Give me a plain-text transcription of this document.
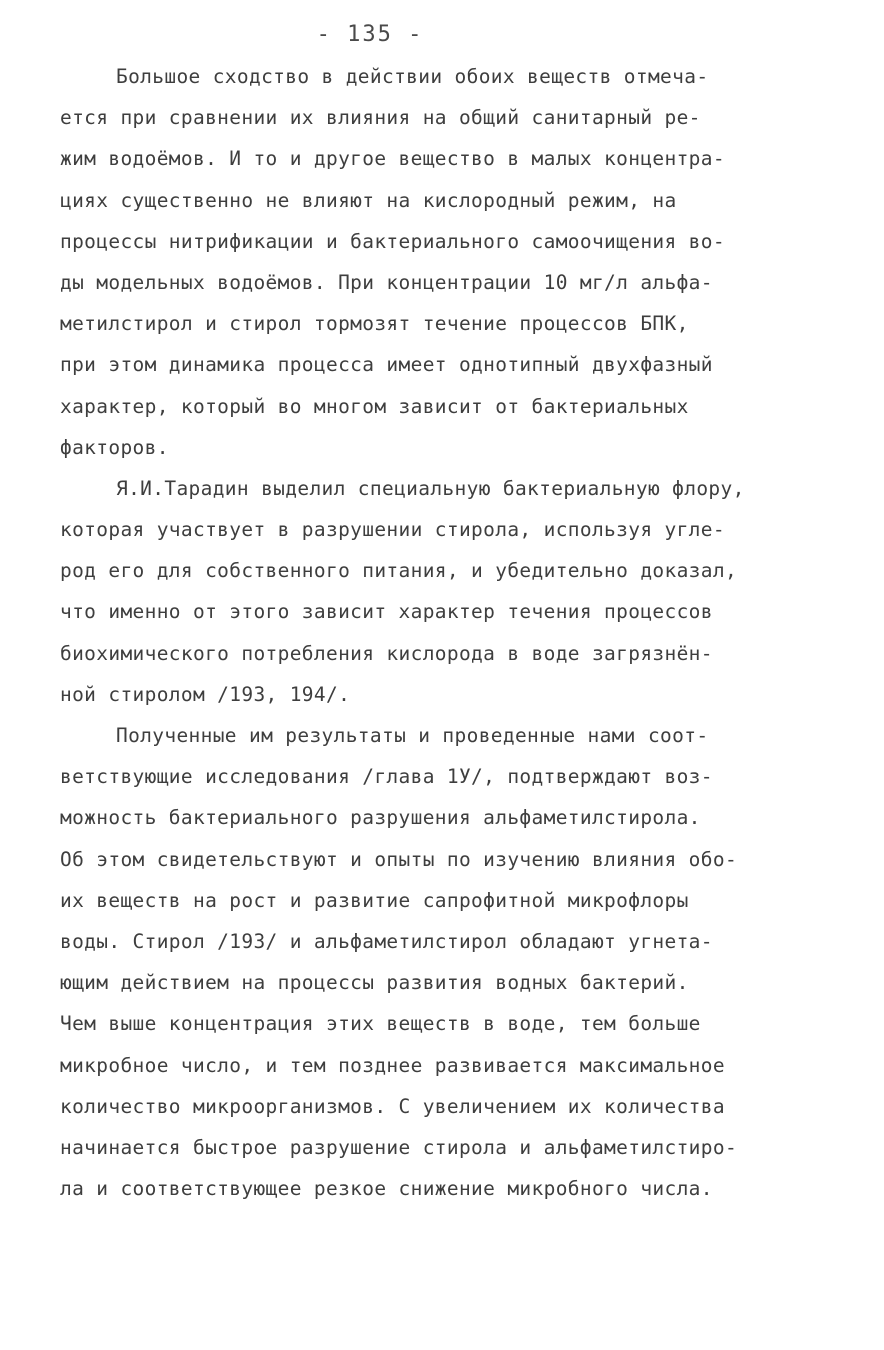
- 135 -
Большое сходство в действии обоих веществ отмеча-
ется при сравнении их влияния на общий санитарный ре-
жим водоёмов. И то и другое вещество в малых концентра-
циях существенно не влияют на кислородный режим, на
процессы нитрификации и бактериального самоочищения во-
ды модельных водоёмов. При концентрации 10 мг/л альфа-
метилстирол и стирол тормозят течение процессов БПК,
при этом динамика процесса имеет однотипный двухфазный
характер, который во многом зависит от бактериальных
факторов.
Я.И.Тарадин выделил специальную бактериальную флору,
которая участвует в разрушении стирола, используя угле-
род его для собственного питания, и убедительно доказал,
что именно от этого зависит характер течения процессов
биохимического потребления кислорода в воде загрязнён-
ной стиролом /193, 194/.
Полученные им результаты и проведенные нами соот-
ветствующие исследования /глава 1У/, подтверждают воз-
можность бактериального разрушения альфаметилстирола.
Об этом свидетельствуют и опыты по изучению влияния обо-
их веществ на рост и развитие сапрофитной микрофлоры
воды. Стирол /193/ и альфаметилстирол обладают угнета-
ющим действием на процессы развития водных бактерий.
Чем выше концентрация этих веществ в воде, тем больше
микробное число, и тем позднее развивается максимальное
количество микроорганизмов. С увеличением их количества
начинается быстрое разрушение стирола и альфаметилстиро-
ла и соответствующее резкое снижение микробного числа.
